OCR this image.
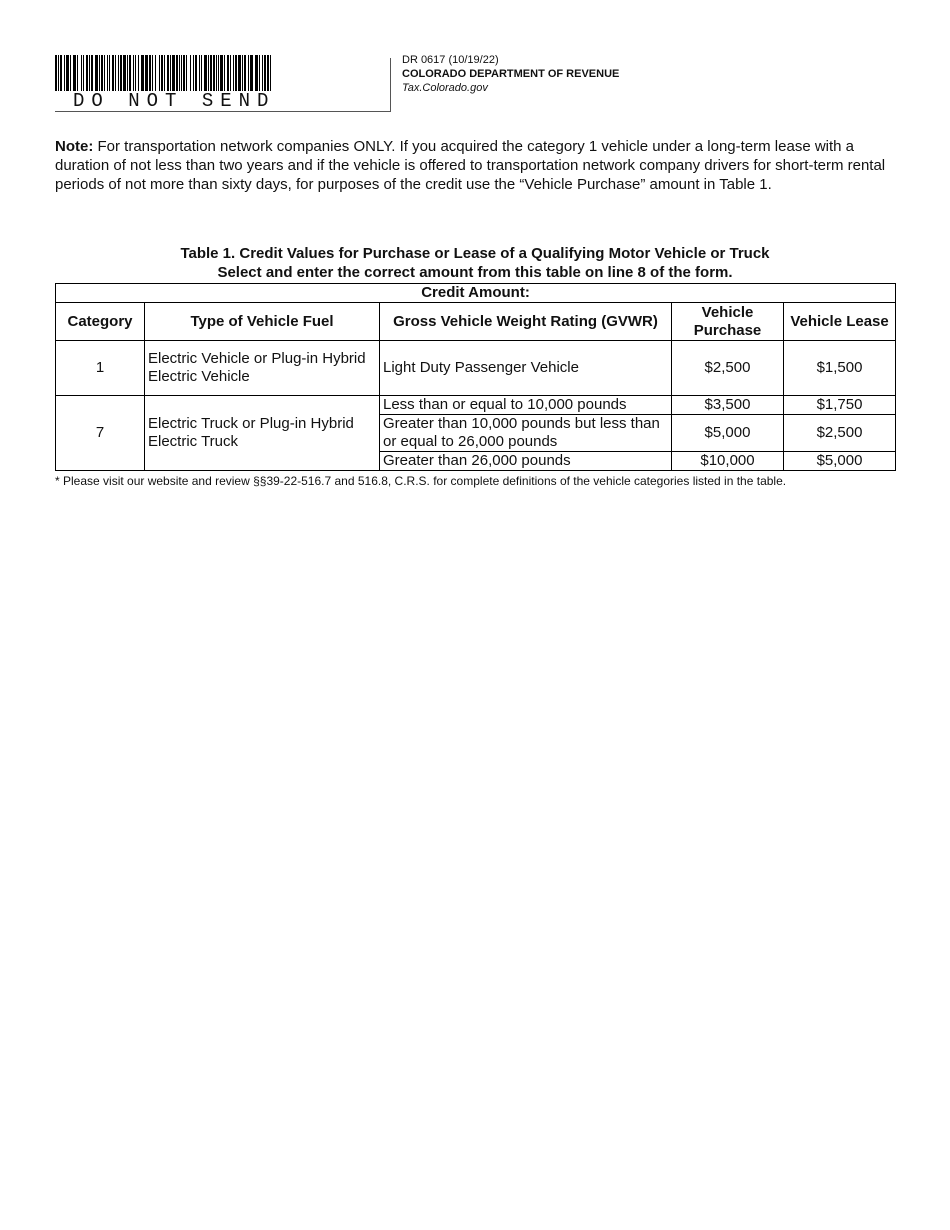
DO NOT SEND
DR 0617 (10/19/22)
COLORADO DEPARTMENT OF REVENUE
Tax.Colorado.gov
Note: For transportation network companies ONLY. If you acquired the category 1 vehicle under a long-term lease with a duration of not less than two years and if the vehicle is offered to transportation network company drivers for short-term rental periods of not more than sixty days, for purposes of the credit use the “Vehicle Purchase” amount in Table 1.
Table 1. Credit Values for Purchase or Lease of a Qualifying Motor Vehicle or Truck
Select and enter the correct amount from this table on line 8 of the form.
Credit Amount:				
Category	Type of Vehicle Fuel	Gross Vehicle Weight Rating (GVWR)	Vehicle Purchase	Vehicle Lease
1	Electric Vehicle or Plug-in Hybrid Electric Vehicle	Light Duty Passenger Vehicle	$2,500	$1,500
7	Electric Truck or Plug-in Hybrid Electric Truck	Less than or equal to 10,000 pounds	$3,500	$1,750
		Greater than 10,000 pounds but less than or equal to 26,000 pounds	$5,000	$2,500
		Greater than 26,000 pounds	$10,000	$5,000
* Please visit our website and review §§39-22-516.7 and 516.8, C.R.S. for complete definitions of the vehicle categories listed in the table.
